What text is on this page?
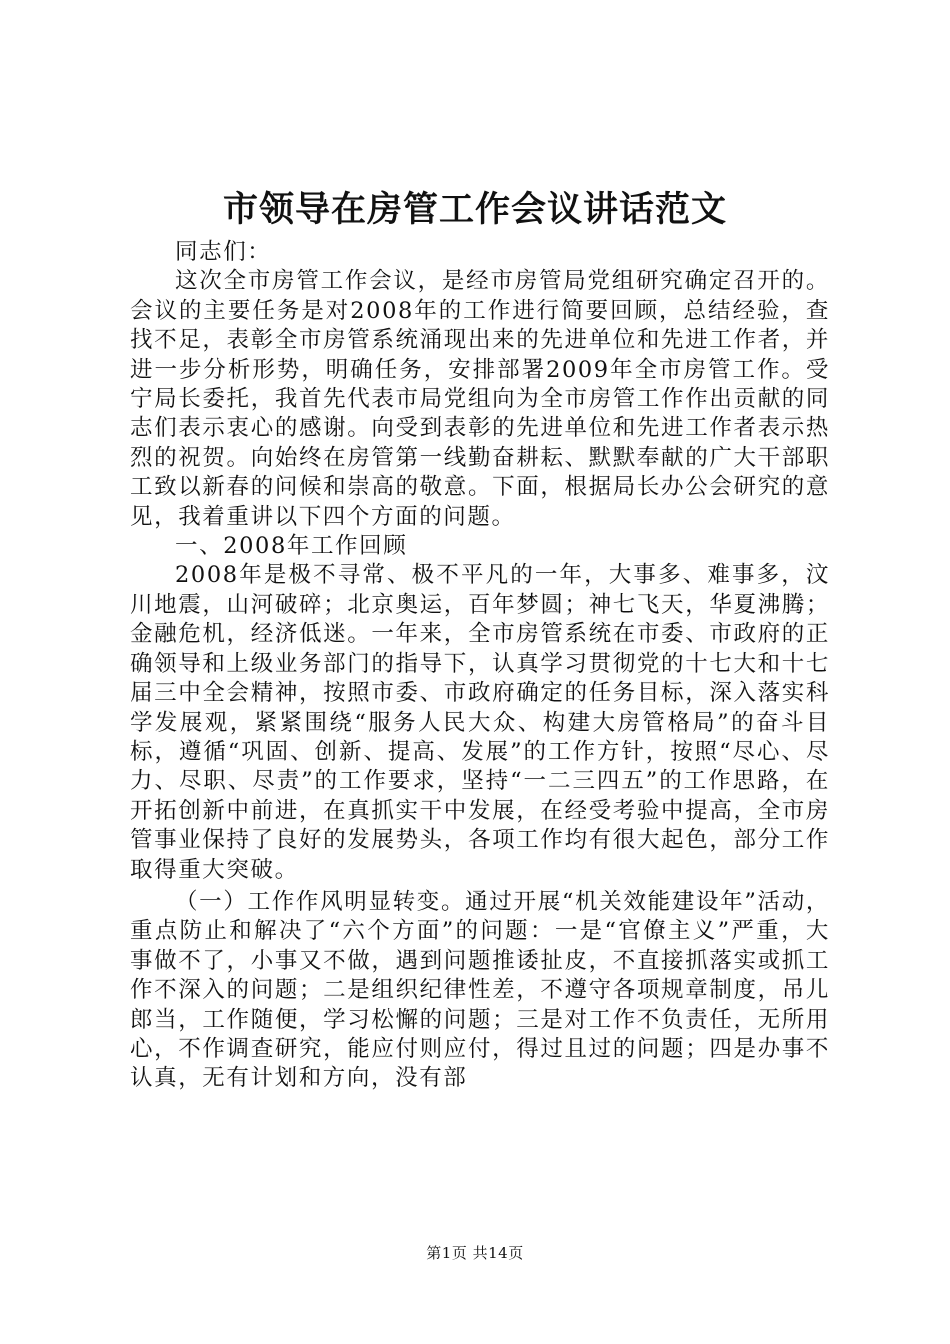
市领导在房管工作会议讲话范文

同志们：

这次全市房管工作会议，是经市房管局党组研究确定召开的。会议的主要任务是对2008年的工作进行简要回顾，总结经验，查找不足，表彰全市房管系统涌现出来的先进单位和先进工作者，并进一步分析形势，明确任务，安排部署2009年全市房管工作。受宁局长委托，我首先代表市局党组向为全市房管工作作出贡献的同志们表示衷心的感谢。向受到表彰的先进单位和先进工作者表示热烈的祝贺。向始终在房管第一线勤奋耕耘、默默奉献的广大干部职工致以新春的问候和崇高的敬意。下面，根据局长办公会研究的意见，我着重讲以下四个方面的问题。

一、2008年工作回顾

2008年是极不寻常、极不平凡的一年，大事多、难事多，汶川地震，山河破碎；北京奥运，百年梦圆；神七飞天，华夏沸腾；金融危机，经济低迷。一年来，全市房管系统在市委、市政府的正确领导和上级业务部门的指导下，认真学习贯彻党的十七大和十七届三中全会精神，按照市委、市政府确定的任务目标，深入落实科学发展观，紧紧围绕“服务人民大众、构建大房管格局”的奋斗目标，遵循“巩固、创新、提高、发展”的工作方针，按照“尽心、尽力、尽职、尽责”的工作要求，坚持“一二三四五”的工作思路，在开拓创新中前进，在真抓实干中发展，在经受考验中提高，全市房管事业保持了良好的发展势头，各项工作均有很大起色，部分工作取得重大突破。

（一）工作作风明显转变。通过开展“机关效能建设年”活动，重点防止和解决了“六个方面”的问题：一是“官僚主义”严重，大事做不了，小事又不做，遇到问题推诿扯皮，不直接抓落实或抓工作不深入的问题；二是组织纪律性差，不遵守各项规章制度，吊儿郎当，工作随便，学习松懈的问题；三是对工作不负责任，无所用心，不作调查研究，能应付则应付，得过且过的问题；四是办事不认真，无有计划和方向，没有部

第1页 共14页
